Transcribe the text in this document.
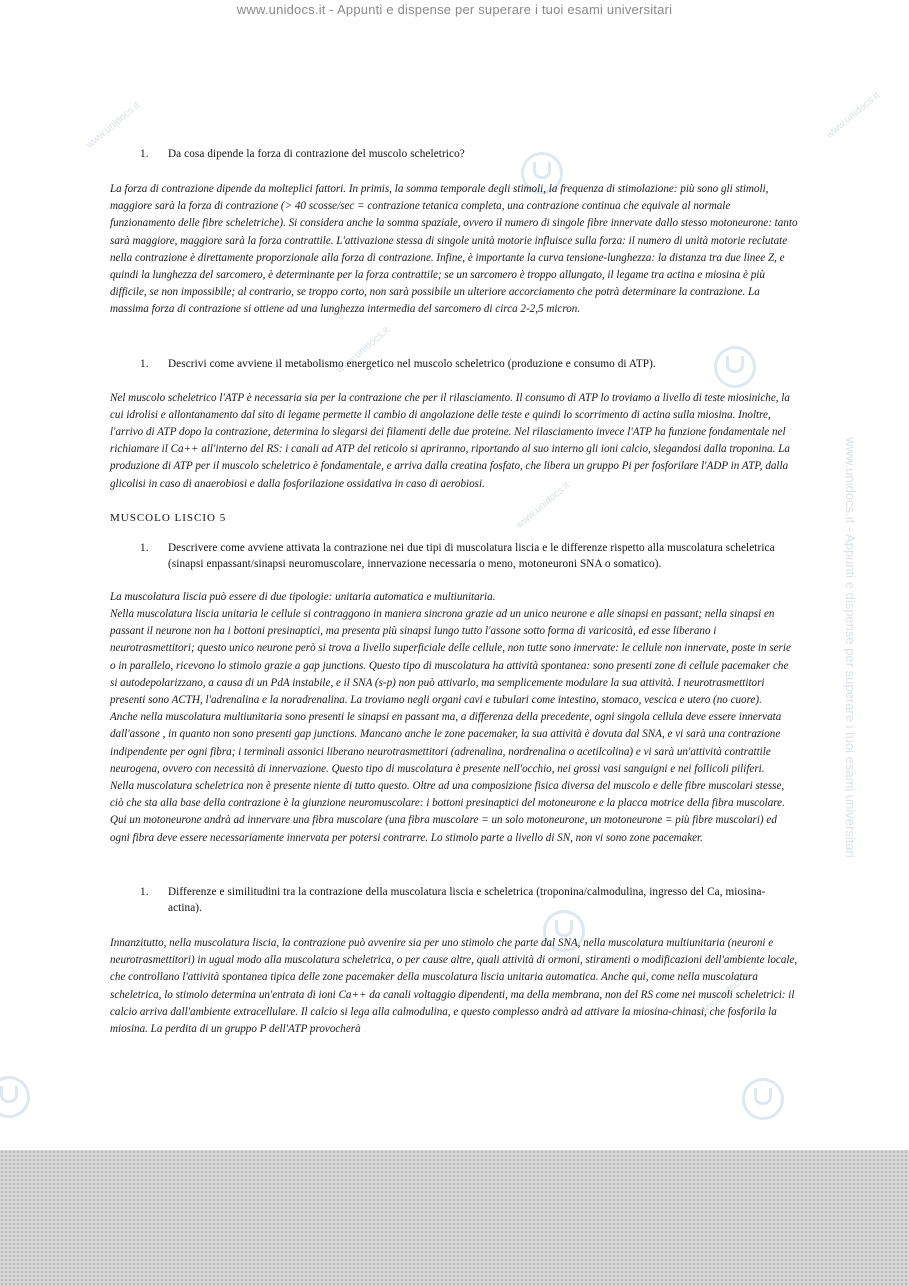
www.unidocs.it - Appunti e dispense per superare i tuoi esami universitari
www.unidocs.it - Appunti e dispense per superare i tuoi esami universitari
www.unidocs.it
www.unidocs.it
www.unidocs.it
www.unidocs.it
www.unidocs.it
1.	Da cosa dipende la forza di contrazione del muscolo scheletrico?

La forza di contrazione dipende da molteplici fattori. In primis, la somma temporale degli stimoli, la frequenza di stimolazione: più sono gli stimoli, maggiore sarà la forza di contrazione (> 40 scosse/sec = contrazione tetanica completa, una contrazione continua che equivale al normale funzionamento delle fibre scheletriche). Si considera anche la somma spaziale, ovvero il numero di singole fibre innervate dallo stesso motoneurone: tanto sarà maggiore, maggiore sarà la forza contrattile. L'attivazione stessa di singole unità motorie influisce sulla forza: il numero di unità motorie reclutate nella contrazione è direttamente proporzionale alla forza di contrazione. Infine, è importante la curva tensione-lunghezza: la distanza tra due linee Z, e quindi la lunghezza del sarcomero, è determinante per la forza contrattile; se un sarcomero è troppo allungato, il legame tra actina e miosina è più difficile, se non impossibile; al contrario, se troppo corto, non sarà possibile un ulteriore accorciamento che potrà determinare la contrazione. La massima forza di contrazione si ottiene ad una lunghezza intermedia del sarcomero di circa 2-2,5 micron.

1.	Descrivi come avviene il metabolismo energetico nel muscolo scheletrico (produzione e consumo di ATP).

Nel muscolo scheletrico l'ATP è necessaria sia per la contrazione che per il rilasciamento. Il consumo di ATP lo troviamo a livello di teste miosiniche, la cui idrolisi e allontanamento dal sito di legame permette il cambio di angolazione delle teste e quindi lo scorrimento di actina sulla miosina. Inoltre, l'arrivo di ATP dopo la contrazione, determina lo slegarsi dei filamenti delle due proteine. Nel rilasciamento invece l'ATP ha funzione fondamentale nel richiamare il Ca++ all'interno del RS: i canali ad ATP del reticolo si apriranno, riportando al suo interno gli ioni calcio, slegandosi dalla troponina. La produzione di ATP per il muscolo scheletrico è fondamentale, e arriva dalla creatina fosfato, che libera un gruppo Pi per fosforilare l'ADP in ATP, dalla glicolisi in caso di anaerobiosi e dalla fosforilazione ossidativa in caso di aerobiosi.

MUSCOLO LISCIO 5
1.	Descrivere come avviene attivata la contrazione nei due tipi di muscolatura liscia e le differenze rispetto alla muscolatura scheletrica (sinapsi enpassant/sinapsi neuromuscolare, innervazione necessaria o meno, motoneuroni SNA o somatico).

La muscolatura liscia può essere di due tipologie: unitaria automatica e multiunitaria.

Nella muscolatura liscia unitaria le cellule si contraggono in maniera sincrona grazie ad un unico neurone e alle sinapsi en passant; nella sinapsi en passant il neurone non ha i bottoni presinaptici, ma presenta più sinapsi lungo tutto l'assone sotto forma di varicosità, ed esse liberano i neurotrasmettitori; questo unico neurone però si trova a livello superficiale delle cellule, non tutte sono innervate: le cellule non innervate, poste in serie o in parallelo, ricevono lo stimolo grazie a gap junctions. Questo tipo di muscolatura ha attività spontanea: sono presenti zone di cellule pacemaker che si autodepolarizzano, a causa di un PdA instabile, e il SNA (s-p) non può attivarlo, ma semplicemente modulare la sua attività. I neurotrasmettitori presenti sono ACTH, l'adrenalina e la noradrenalina. La troviamo negli organi cavi e tubulari come intestino, stomaco, vescica e utero (no cuore).

Anche nella muscolatura multiunitaria sono presenti le sinapsi en passant ma, a differenza della precedente, ogni singola cellula deve essere innervata dall'assone , in quanto non sono presenti gap junctions. Mancano anche le zone pacemaker, la sua attività è dovuta dal SNA, e vi sarà una contrazione indipendente per ogni fibra; i terminali assonici liberano neurotrasmettitori (adrenalina, nordrenalina o acetilcolina) e vi sarà un'attività contrattile neurogena, ovvero con necessità di innervazione. Questo tipo di muscolatura è presente nell'occhio, nei grossi vasi sanguigni e nei follicoli piliferi.

Nella muscolatura scheletrica non è presente niente di tutto questo. Oltre ad una composizione fisica diversa del muscolo e delle fibre muscolari stesse, ciò che sta alla base della contrazione è la giunzione neuromuscolare: i bottoni presinaptici del motoneurone e la placca motrice della fibra muscolare. Qui un motoneurone andrà ad innervare una fibra muscolare (una fibra muscolare = un solo motoneurone, un motoneurone = più fibre muscolari) ed ogni fibra deve essere necessariamente innervata per potersi contrarre. Lo stimolo parte a livello di SN, non vi sono zone pacemaker.

1.	Differenze e similitudini tra la contrazione della muscolatura liscia e scheletrica (troponina/calmodulina, ingresso del Ca, miosina-actina).

Innanzitutto, nella muscolatura liscia, la contrazione può avvenire sia per uno stimolo che parte dal SNA, nella muscolatura multiunitaria (neuroni e neurotrasmettitori) in ugual modo alla muscolatura scheletrica, o per cause altre, quali attività di ormoni, stiramenti o modificazioni dell'ambiente locale, che controllano l'attività spontanea tipica delle zone pacemaker della muscolatura liscia unitaria automatica. Anche qui, come nella muscolatura scheletrica, lo stimolo determina un'entrata di ioni Ca++ da canali voltaggio dipendenti, ma della membrana, non del RS come nei muscoli scheletrici: il calcio arriva dall'ambiente extracellulare. Il calcio si lega alla calmodulina, e questo complesso andrà ad attivare la miosina-chinasi, che fosforila la miosina. La perdita di un gruppo P dell'ATP provocherà
